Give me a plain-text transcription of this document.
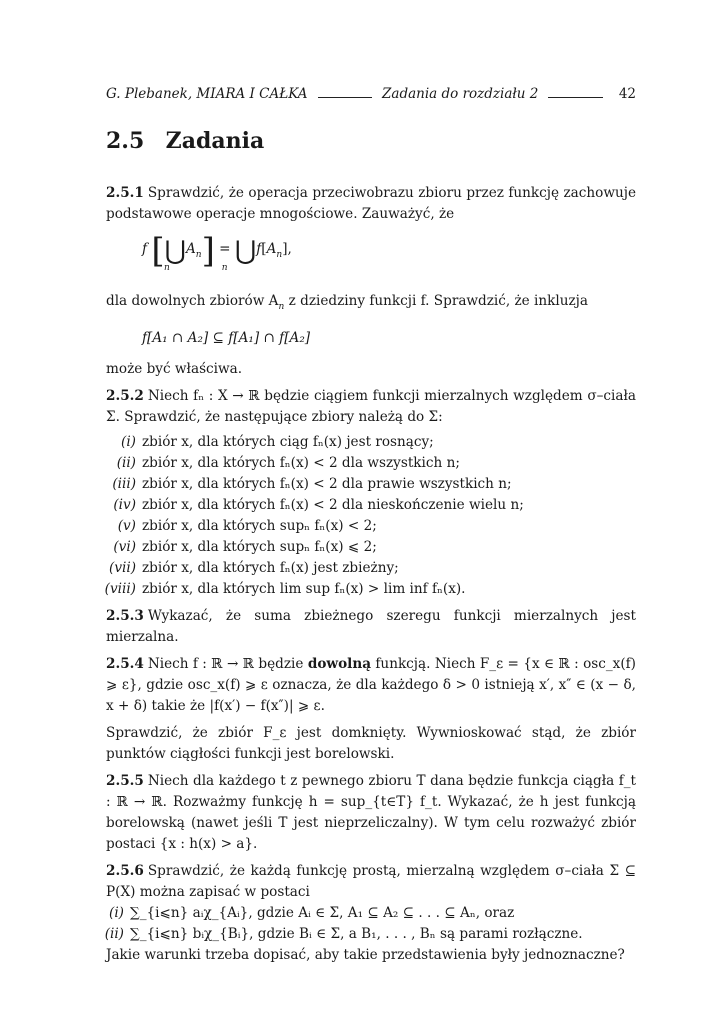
G. Plebanek, MIARA I CAŁKA	Zadania do rozdziału 2	42
2.5 Zadania

2.5.1 Sprawdzić, że operacja przeciwobrazu zbioru przez funkcję zachowuje podstawowe operacje mnogościowe. Zauważyć, że

f $[⋃A_n]$ = $⋃f[A_n]$,
n	n

dla dowolnych zbiorów $A_n$ z dziedziny funkcji f. Sprawdzić, że inkluzja

f[A₁ ∩ A₂] ⊆ f[A₁] ∩ f[A₂]

może być właściwa.

2.5.2 Niech fₙ : X → ℝ będzie ciągiem funkcji mierzalnych względem σ–ciała Σ. Sprawdzić, że następujące zbiory należą do Σ:

(i) zbiór x, dla których ciąg fₙ(x) jest rosnący;

(ii) zbiór x, dla których fₙ(x) < 2 dla wszystkich n;

(iii) zbiór x, dla których fₙ(x) < 2 dla prawie wszystkich n;

(iv) zbiór x, dla których fₙ(x) < 2 dla nieskończenie wielu n;

(v) zbiór x, dla których supₙ fₙ(x) < 2;

(vi) zbiór x, dla których supₙ fₙ(x) ⩽ 2;

(vii) zbiór x, dla których fₙ(x) jest zbieżny;

(viii) zbiór x, dla których lim sup fₙ(x) > lim inf fₙ(x).

2.5.3 Wykazać, że suma zbieżnego szeregu funkcji mierzalnych jest mierzalna.

2.5.4 Niech f : ℝ → ℝ będzie dowolną funkcją. Niech F_ε = {x ∈ ℝ : osc_x(f) ⩾ ε}, gdzie osc_x(f) ⩾ ε oznacza, że dla każdego δ > 0 istnieją x′, x″ ∈ (x − δ, x + δ) takie że |f(x′) − f(x″)| ⩾ ε.

Sprawdzić, że zbiór F_ε jest domknięty. Wywnioskować stąd, że zbiór punktów ciągłości funkcji jest borelowski.

2.5.5 Niech dla każdego t z pewnego zbioru T dana będzie funkcja ciągła f_t : ℝ → ℝ. Rozważmy funkcję h = sup_{t∈T} f_t. Wykazać, że h jest funkcją borelowską (nawet jeśli T jest nieprzeliczalny). W tym celu rozważyć zbiór postaci {x : h(x) > a}.

2.5.6 Sprawdzić, że każdą funkcję prostą, mierzalną względem σ–ciała Σ ⊆ P(X) można zapisać w postaci

(i) ∑_{i⩽n} aᵢχ_{Aᵢ}, gdzie Aᵢ ∈ Σ, A₁ ⊆ A₂ ⊆ . . . ⊆ Aₙ, oraz

(ii) ∑_{i⩽n} bᵢχ_{Bᵢ}, gdzie Bᵢ ∈ Σ, a B₁, . . . , Bₙ są parami rozłączne.

Jakie warunki trzeba dopisać, aby takie przedstawienia były jednoznaczne?
